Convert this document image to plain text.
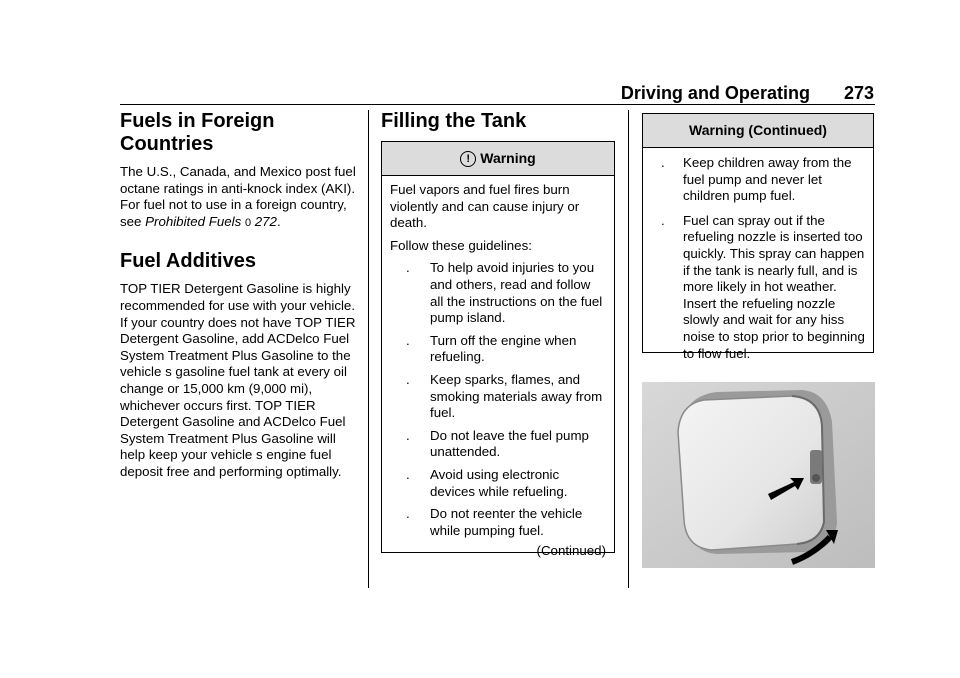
Driving and Operating 273
Fuels in Foreign Countries
The U.S., Canada, and Mexico post fuel octane ratings in anti-knock index (AKI). For fuel not to use in a foreign country, see Prohibited Fuels 0 272.
Fuel Additives
TOP TIER Detergent Gasoline is highly recommended for use with your vehicle. If your country does not have TOP TIER Detergent Gasoline, add ACDelco Fuel System Treatment Plus Gasoline to the vehicle s gasoline fuel tank at every oil change or 15,000 km (9,000 mi), whichever occurs first. TOP TIER Detergent Gasoline and ACDelco Fuel System Treatment Plus Gasoline will help keep your vehicle s engine fuel deposit free and performing optimally.
Filling the Tank
! Warning

Fuel vapors and fuel fires burn violently and can cause injury or death.

Follow these guidelines:

. To help avoid injuries to you and others, read and follow all the instructions on the fuel pump island.
. Turn off the engine when refueling.
. Keep sparks, flames, and smoking materials away from fuel.
. Do not leave the fuel pump unattended.
. Avoid using electronic devices while refueling.
. Do not reenter the vehicle while pumping fuel.
(Continued)
Warning (Continued)
. Keep children away from the fuel pump and never let children pump fuel.
. Fuel can spray out if the refueling nozzle is inserted too quickly. This spray can happen if the tank is nearly full, and is more likely in hot weather. Insert the refueling nozzle slowly and wait for any hiss noise to stop prior to beginning to flow fuel.
